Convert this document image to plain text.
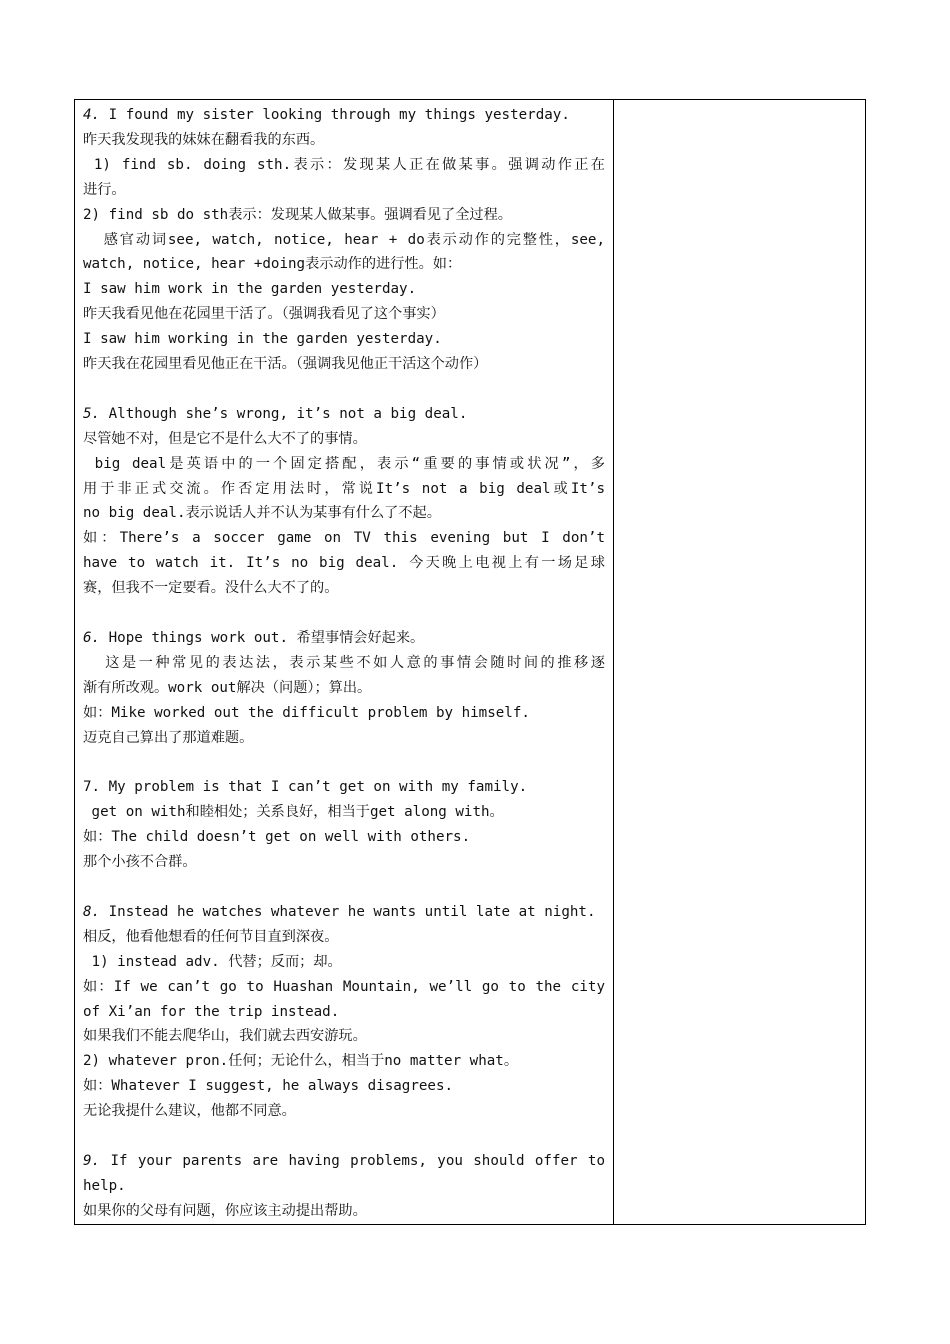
4. I found my sister looking through my things yesterday.
昨天我发现我的妹妹在翻看我的东西。
1) find sb. doing sth.表示：发现某人正在做某事。强调动作正在
进行。
2) find sb do sth表示：发现某人做某事。强调看见了全过程。
感官动词see, watch, notice, hear + do表示动作的完整性，see,
watch, notice, hear +doing表示动作的进行性。如：
I saw him work in the garden yesterday.
昨天我看见他在花园里干活了。（强调我看见了这个事实）
I saw him working in the garden yesterday.
昨天我在花园里看见他正在干活。（强调我见他正干活这个动作）
5. Although she’s wrong, it’s not a big deal.
尽管她不对，但是它不是什么大不了的事情。
big deal是英语中的一个固定搭配，表示“重要的事情或状况”，多
用于非正式交流。作否定用法时，常说It’s not a big deal或It’s
no big deal.表示说话人并不认为某事有什么了不起。
如：There’s a soccer game on TV this evening but I don’t
have to watch it. It’s no big deal. 今天晚上电视上有一场足球
赛，但我不一定要看。没什么大不了的。
6. Hope things work out. 希望事情会好起来。
这是一种常见的表达法，表示某些不如人意的事情会随时间的推移逐
渐有所改观。work out解决（问题）；算出。
如：Mike worked out the difficult problem by himself.
迈克自己算出了那道难题。
7. My problem is that I can’t get on with my family.
get on with和睦相处；关系良好，相当于get along with。
如：The child doesn’t get on well with others.
那个小孩不合群。
8. Instead he watches whatever he wants until late at night.
相反，他看他想看的任何节目直到深夜。
1) instead adv. 代替；反而；却。
如：If we can’t go to Huashan Mountain, we’ll go to the city
of Xi’an for the trip instead.
如果我们不能去爬华山，我们就去西安游玩。
2) whatever pron.任何；无论什么，相当于no matter what。
如：Whatever I suggest, he always disagrees.
无论我提什么建议，他都不同意。
9. If your parents are having problems, you should offer to
help.
如果你的父母有问题，你应该主动提出帮助。
